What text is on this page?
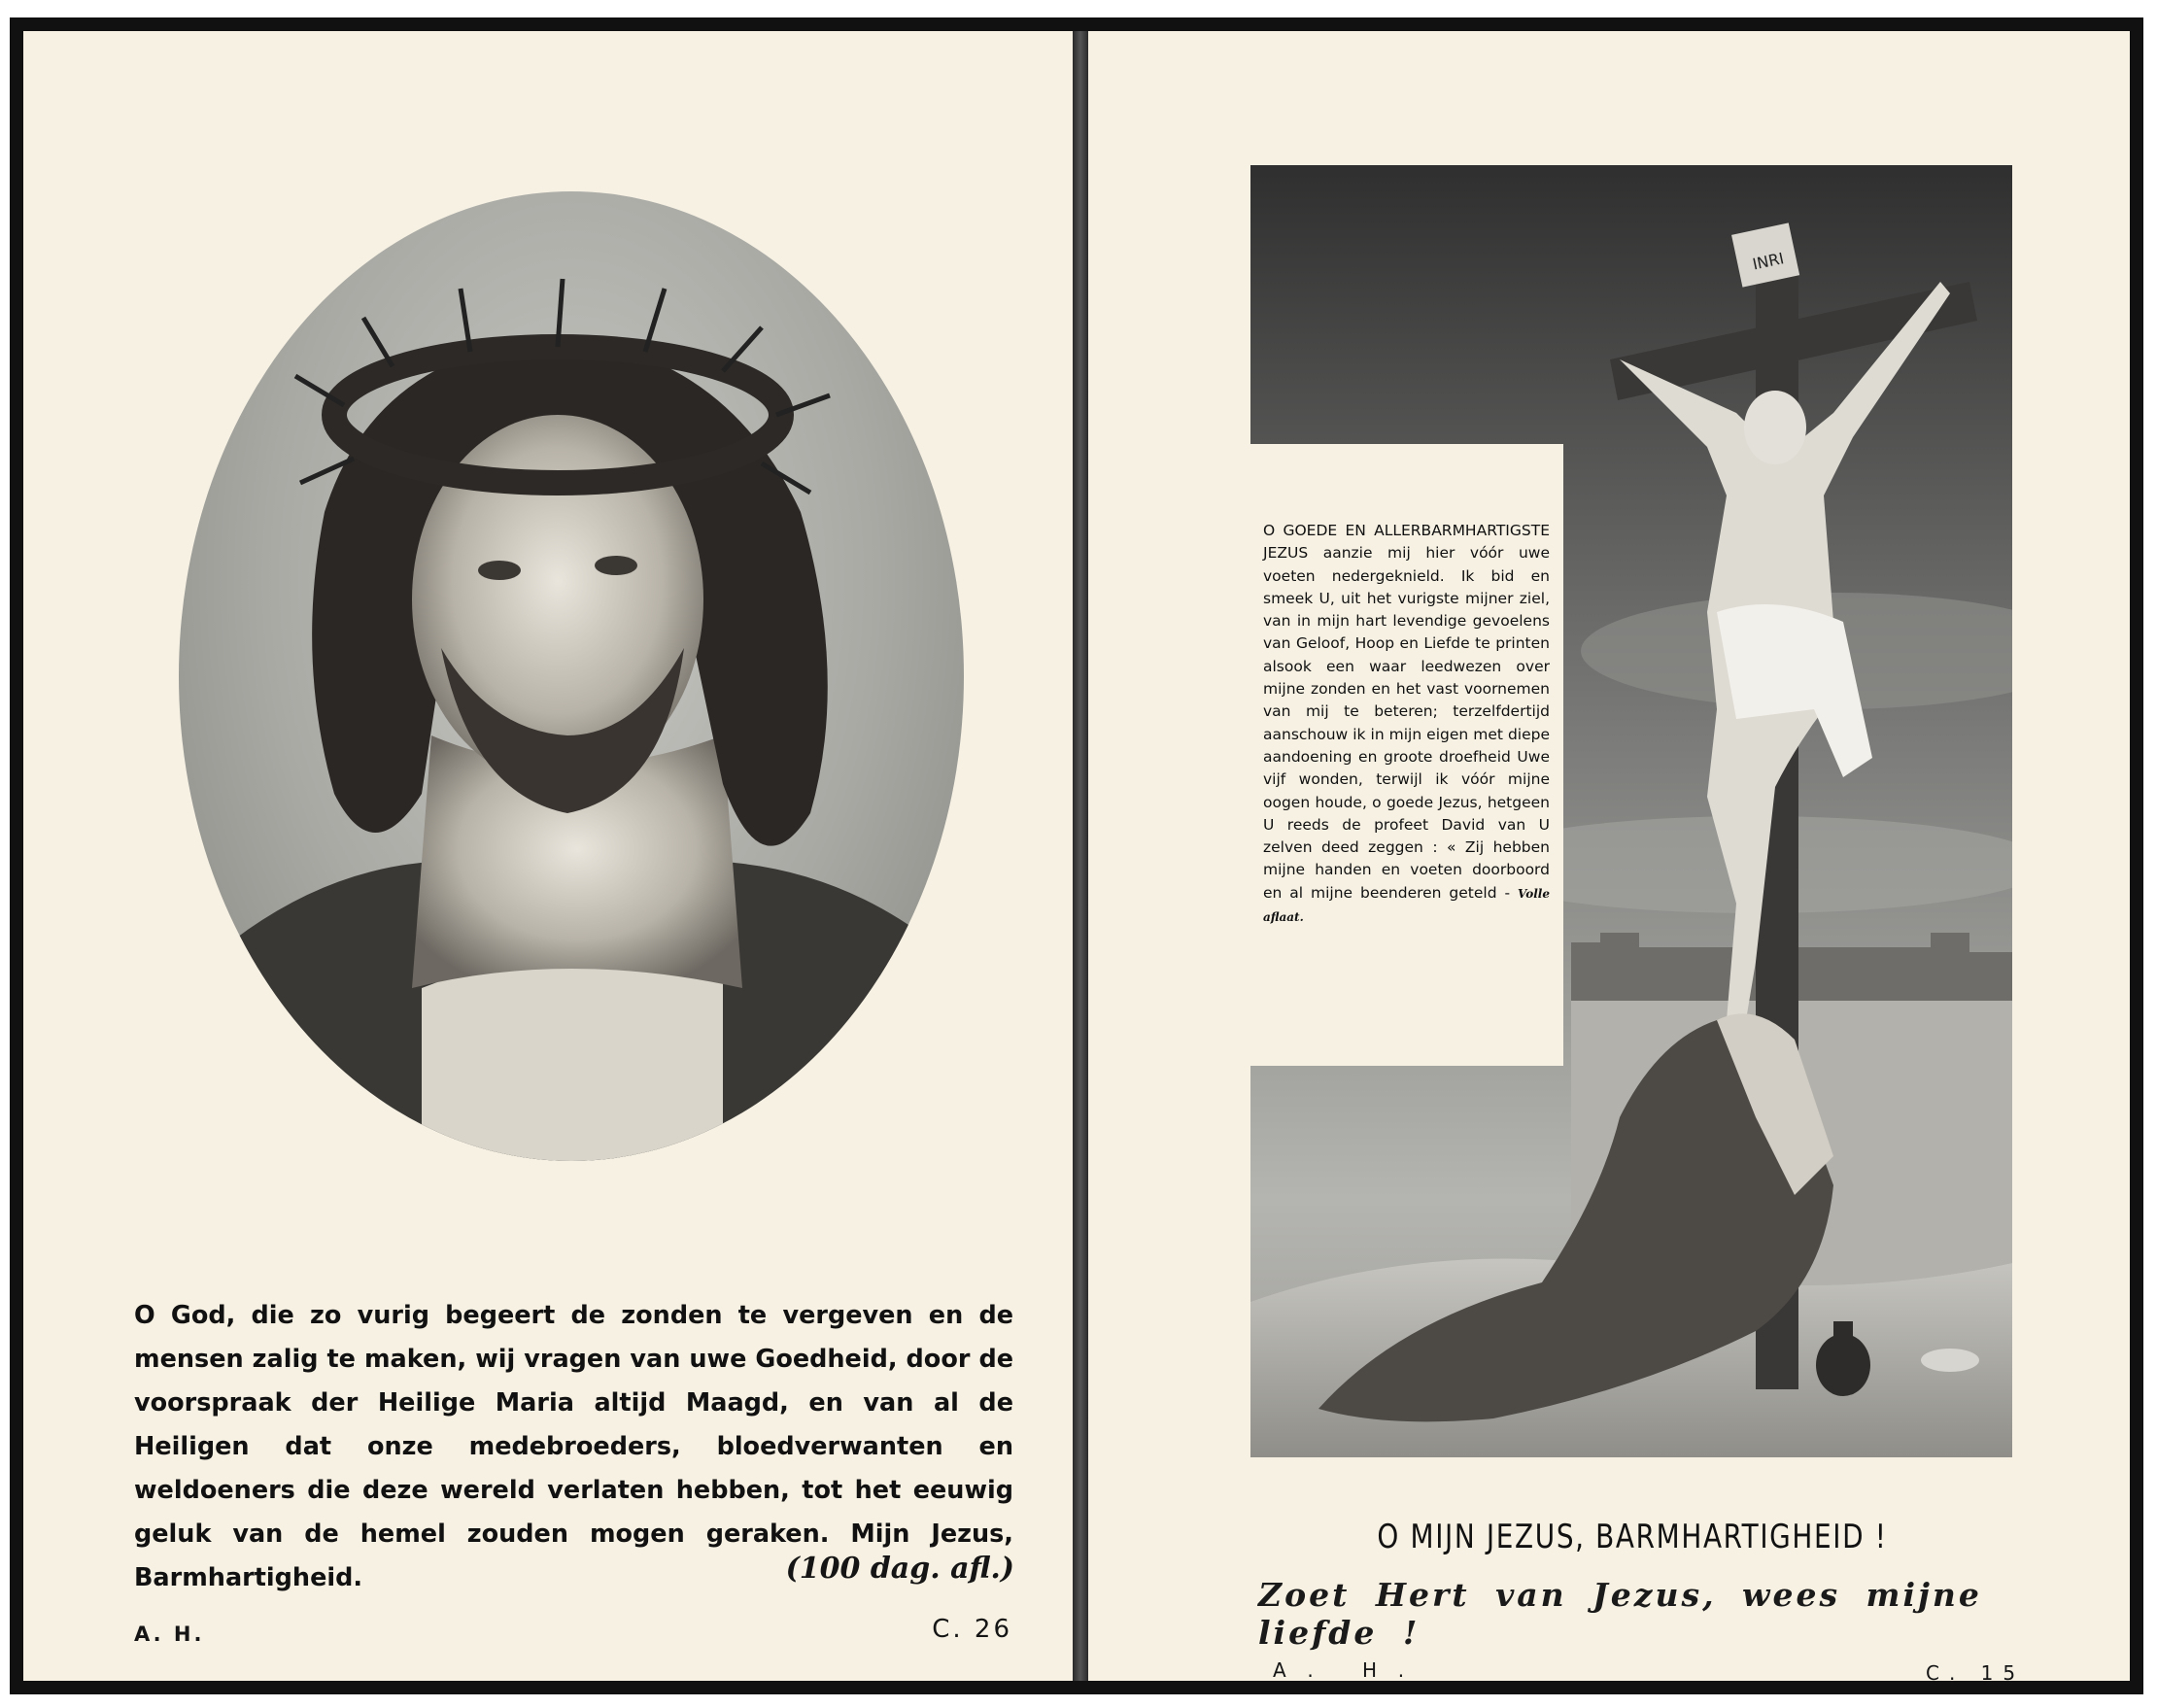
O God, die zo vurig begeert de zonden te vergeven en de mensen zalig te maken, wij vragen van uwe Goedheid, door de voorspraak der Heilige Maria altijd Maagd, en van al de Heiligen dat onze medebroeders, bloedverwanten en weldoeners die deze wereld verlaten hebben, tot het eeuwig geluk van de hemel zouden mogen geraken. Mijn Jezus, Barmhartigheid.	(100 dag. afl.)
A. H.	C. 26
INRI
O GOEDE EN ALLERBARMHARTIGSTE JEZUS aanzie mij hier vóór uwe voeten nedergeknield. Ik bid en smeek U, uit het vurigste mijner ziel, van in mijn hart levendige gevoelens van Geloof, Hoop en Liefde te printen alsook een waar leedwezen over mijne zonden en het vast voornemen van mij te beteren; terzelfdertijd aanschouw ik in mijn eigen met diepe aandoening en groote droefheid Uwe vijf wonden, terwijl ik vóór mijne oogen houde, o goede Jezus, hetgeen U reeds de profeet David van U zelven deed zeggen : « Zij hebben mijne handen en voeten doorboord en al mijne beenderen geteld - Volle aflaat.
O MIJN JEZUS, BARMHARTIGHEID !
Zoet Hert van Jezus, wees mijne liefde !
A. H.	C. 15
